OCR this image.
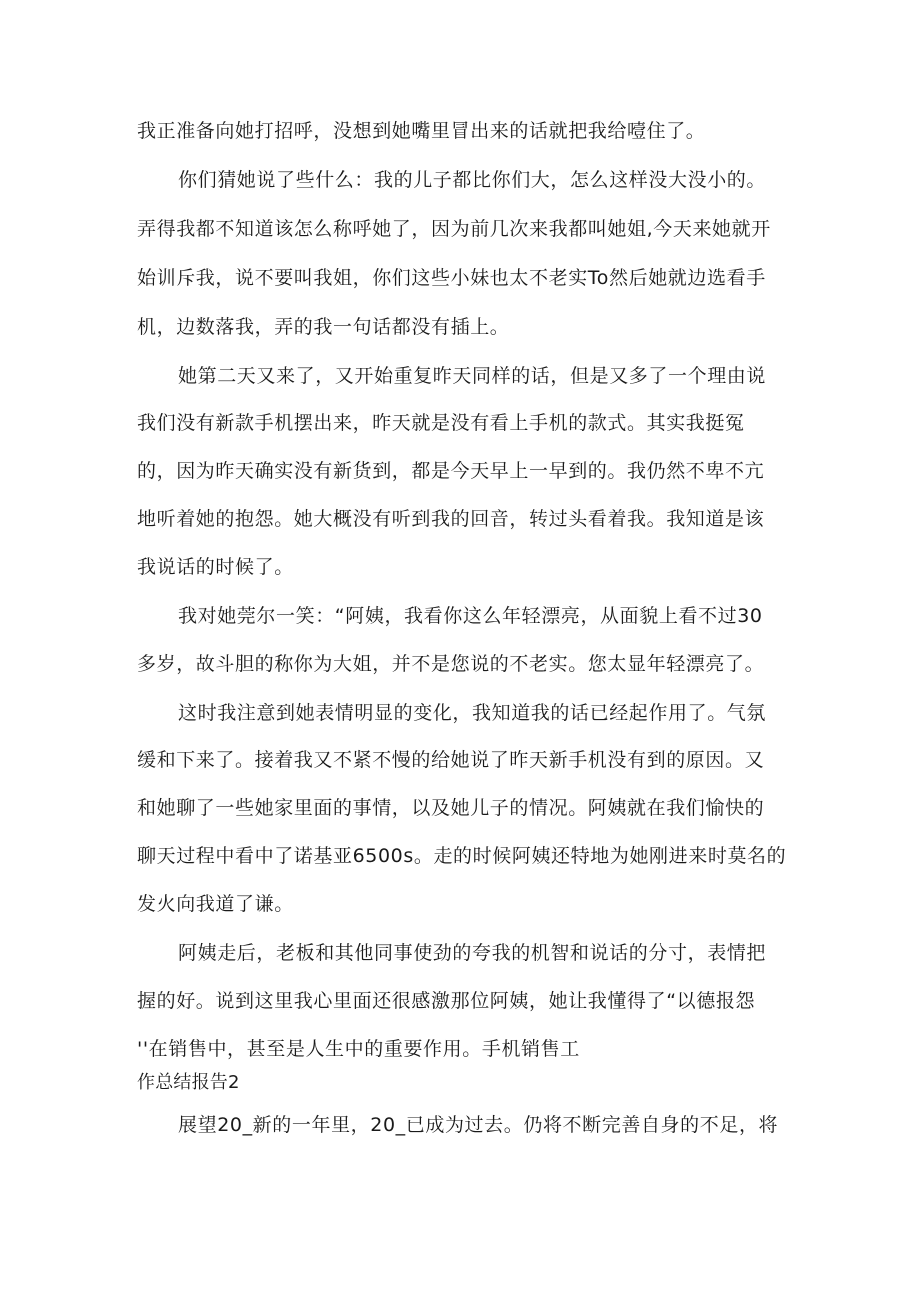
我正准备向她打招呼，没想到她嘴里冒出来的话就把我给噎住了。
你们猜她说了些什么：我的儿子都比你们大，怎么这样没大没小的。
弄得我都不知道该怎么称呼她了，因为前几次来我都叫她姐,今天来她就开
始训斥我，说不要叫我姐，你们这些小妹也太不老实To然后她就边选看手
机，边数落我，弄的我一句话都没有插上。
她第二天又来了，又开始重复昨天同样的话，但是又多了一个理由说
我们没有新款手机摆出来，昨天就是没有看上手机的款式。其实我挺冤
的，因为昨天确实没有新货到，都是今天早上一早到的。我仍然不卑不亢
地听着她的抱怨。她大概没有听到我的回音，转过头看着我。我知道是该
我说话的时候了。
我对她莞尔一笑：“阿姨，我看你这么年轻漂亮，从面貌上看不过30
多岁，故斗胆的称你为大姐，并不是您说的不老实。您太显年轻漂亮了。
这时我注意到她表情明显的变化，我知道我的话已经起作用了。气氛
缓和下来了。接着我又不紧不慢的给她说了昨天新手机没有到的原因。又
和她聊了一些她家里面的事情，以及她儿子的情况。阿姨就在我们愉快的
聊天过程中看中了诺基亚6500s。走的时候阿姨还特地为她刚进来时莫名的
发火向我道了谦。
阿姨走后，老板和其他同事使劲的夸我的机智和说话的分寸，表情把
握的好。说到这里我心里面还很感激那位阿姨，她让我懂得了“以德报怨
''在销售中，甚至是人生中的重要作用。手机销售工
作总结报告2
展望20_新的一年里，20_已成为过去。仍将不断完善自身的不足，将
